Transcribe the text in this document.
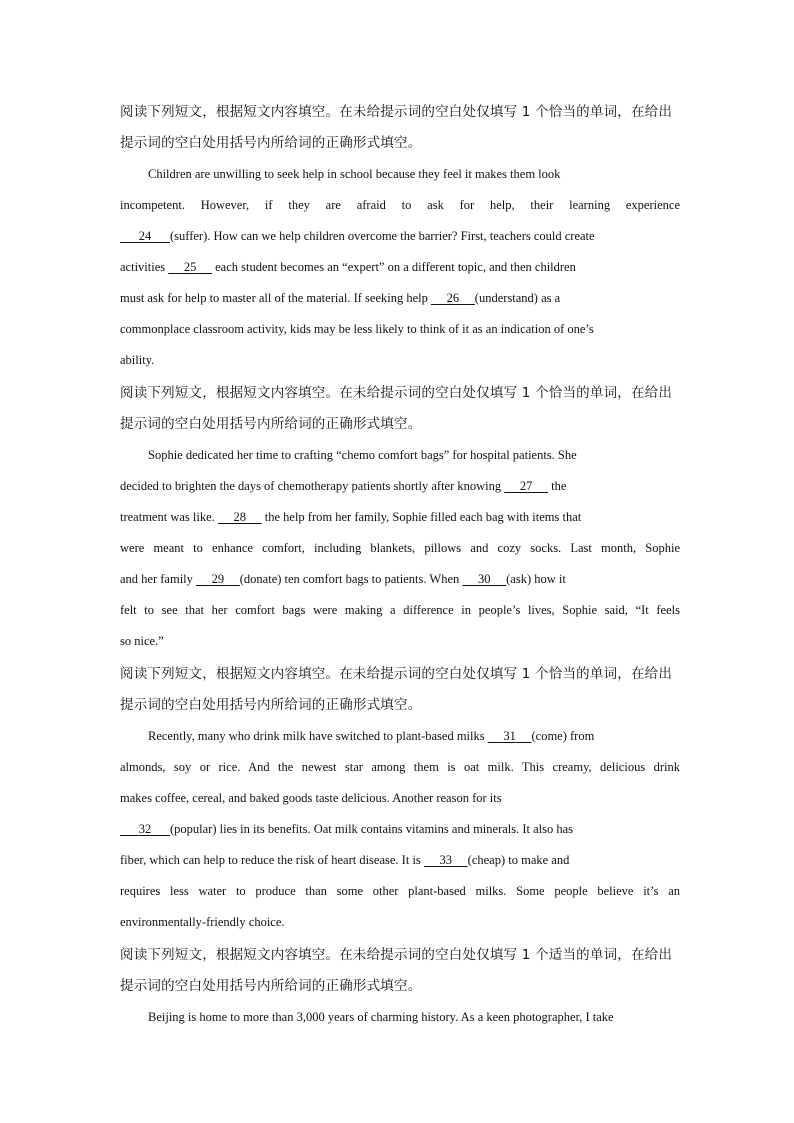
阅读下列短文，根据短文内容填空。在未给提示词的空白处仅填写 1 个恰当的单词，在给出
提示词的空白处用括号内所给词的正确形式填空。
Children are unwilling to seek help in school because they feel it makes them look
incompetent. However, if they are afraid to ask for help, their learning experience
24 (suffer). How can we help children overcome the barrier? First, teachers could create
activities      25      each student becomes an “expert” on a different topic, and then children
must ask for help to master all of the material. If seeking help      26 (understand) as a
commonplace classroom activity, kids may be less likely to think of it as an indication of one’s
ability.
阅读下列短文，根据短文内容填空。在未给提示词的空白处仅填写 1 个恰当的单词，在给出
提示词的空白处用括号内所给词的正确形式填空。
Sophie dedicated her time to crafting “chemo comfort bags” for hospital patients. She
decided to brighten the days of chemotherapy patients shortly after knowing      27      the
treatment was like.      28      the help from her family, Sophie filled each bag with items that
were meant to enhance comfort, including blankets, pillows and cozy socks. Last month, Sophie
and her family      29 (donate) ten comfort bags to patients. When      30 (ask) how it
felt to see that her comfort bags were making a difference in people’s lives, Sophie said, “It feels
so nice.”
阅读下列短文，根据短文内容填空。在未给提示词的空白处仅填写 1 个恰当的单词，在给出
提示词的空白处用括号内所给词的正确形式填空。
Recently, many who drink milk have switched to plant-based milks      31 (come) from
almonds, soy or rice. And the newest star among them is oat milk. This creamy, delicious drink
makes coffee, cereal, and baked goods taste delicious. Another reason for its
32 (popular) lies in its benefits. Oat milk contains vitamins and minerals. It also has
fiber, which can help to reduce the risk of heart disease. It is      33 (cheap) to make and
requires less water to produce than some other plant-based milks. Some people believe it’s an
environmentally-friendly choice.
阅读下列短文，根据短文内容填空。在未给提示词的空白处仅填写 1 个适当的单词，在给出
提示词的空白处用括号内所给词的正确形式填空。
Beijing is home to more than 3,000 years of charming history. As a keen photographer, I take
